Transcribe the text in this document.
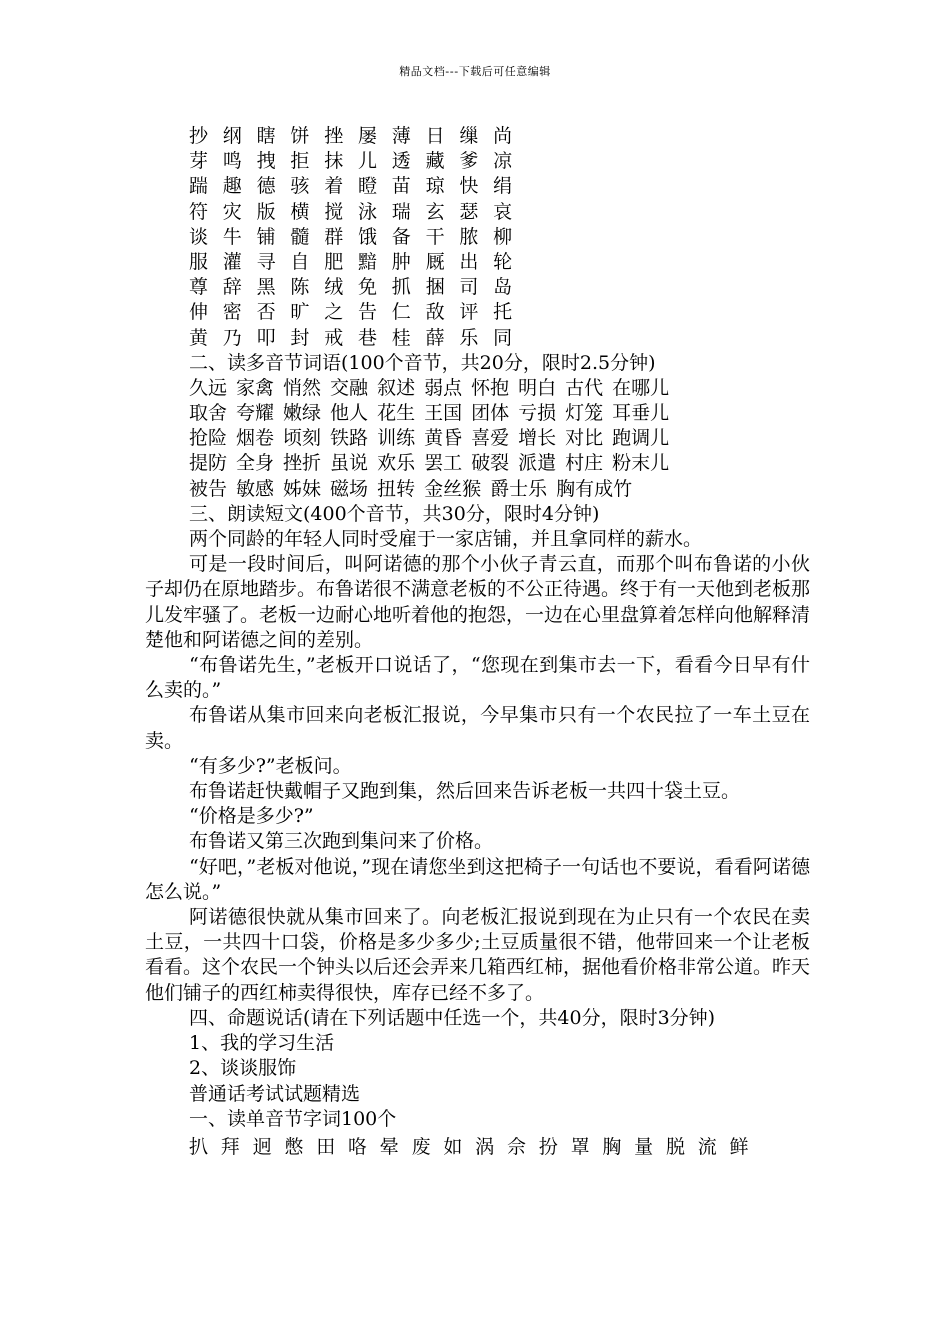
精品文档---下载后可任意编辑
抄 纲 瞎 饼 挫 屡 薄 日 缫 尚
芽 鸣 拽 拒 抹 儿 透 藏 爹 凉
踹 趣 德 骇 着 瞪 苗 琼 快 绢
符 灾 版 横 搅 泳 瑞 玄 瑟 哀
谈 牛 铺 髓 群 饿 备 干 脓 柳
服 灌 寻 自 肥 黯 肿 厩 出 轮
尊 辞 黑 陈 绒 免 抓 捆 司 岛
伸 密 否 旷 之 告 仁 敌 评 托
黄 乃 叩 封 戒 巷 桂 薛 乐 同

二、读多音节词语(100个音节，共20分，限时2.5分钟)

久远 家禽 悄然 交融 叙述 弱点 怀抱 明白 古代 在哪儿
取舍 夸耀 嫩绿 他人 花生 王国 团体 亏损 灯笼 耳垂儿
抢险 烟卷 顷刻 铁路 训练 黄昏 喜爱 增长 对比 跑调儿
提防 全身 挫折 虽说 欢乐 罢工 破裂 派遣 村庄 粉末儿
被告 敏感 姊妹 磁场 扭转 金丝猴 爵士乐 胸有成竹

三、朗读短文(400个音节，共30分，限时4分钟)

两个同龄的年轻人同时受雇于一家店铺，并且拿同样的薪水。

可是一段时间后，叫阿诺德的那个小伙子青云直，而那个叫布鲁诺的小伙子却仍在原地踏步。布鲁诺很不满意老板的不公正待遇。终于有一天他到老板那儿发牢骚了。老板一边耐心地听着他的抱怨，一边在心里盘算着怎样向他解释清楚他和阿诺德之间的差别。

“布鲁诺先生，”老板开口说话了，“您现在到集市去一下，看看今日早有什么卖的。”

布鲁诺从集市回来向老板汇报说，今早集市只有一个农民拉了一车土豆在卖。

“有多少?”老板问。

布鲁诺赶快戴帽子又跑到集，然后回来告诉老板一共四十袋土豆。

“价格是多少?”

布鲁诺又第三次跑到集问来了价格。

“好吧，”老板对他说，”现在请您坐到这把椅子一句话也不要说，看看阿诺德怎么说。”

阿诺德很快就从集市回来了。向老板汇报说到现在为止只有一个农民在卖土豆，一共四十口袋，价格是多少多少;土豆质量很不错，他带回来一个让老板看看。这个农民一个钟头以后还会弄来几箱西红柿，据他看价格非常公道。昨天他们铺子的西红柿卖得很快，库存已经不多了。

四、命题说话(请在下列话题中任选一个，共40分，限时3分钟)

1、我的学习生活

2、谈谈服饰

普通话考试试题精选

一、读单音节字词100个

扒 拜 迥 憋 田 咯 晕 废 如 涡 佘 扮 罩 胸 量 脱 流 鲜
